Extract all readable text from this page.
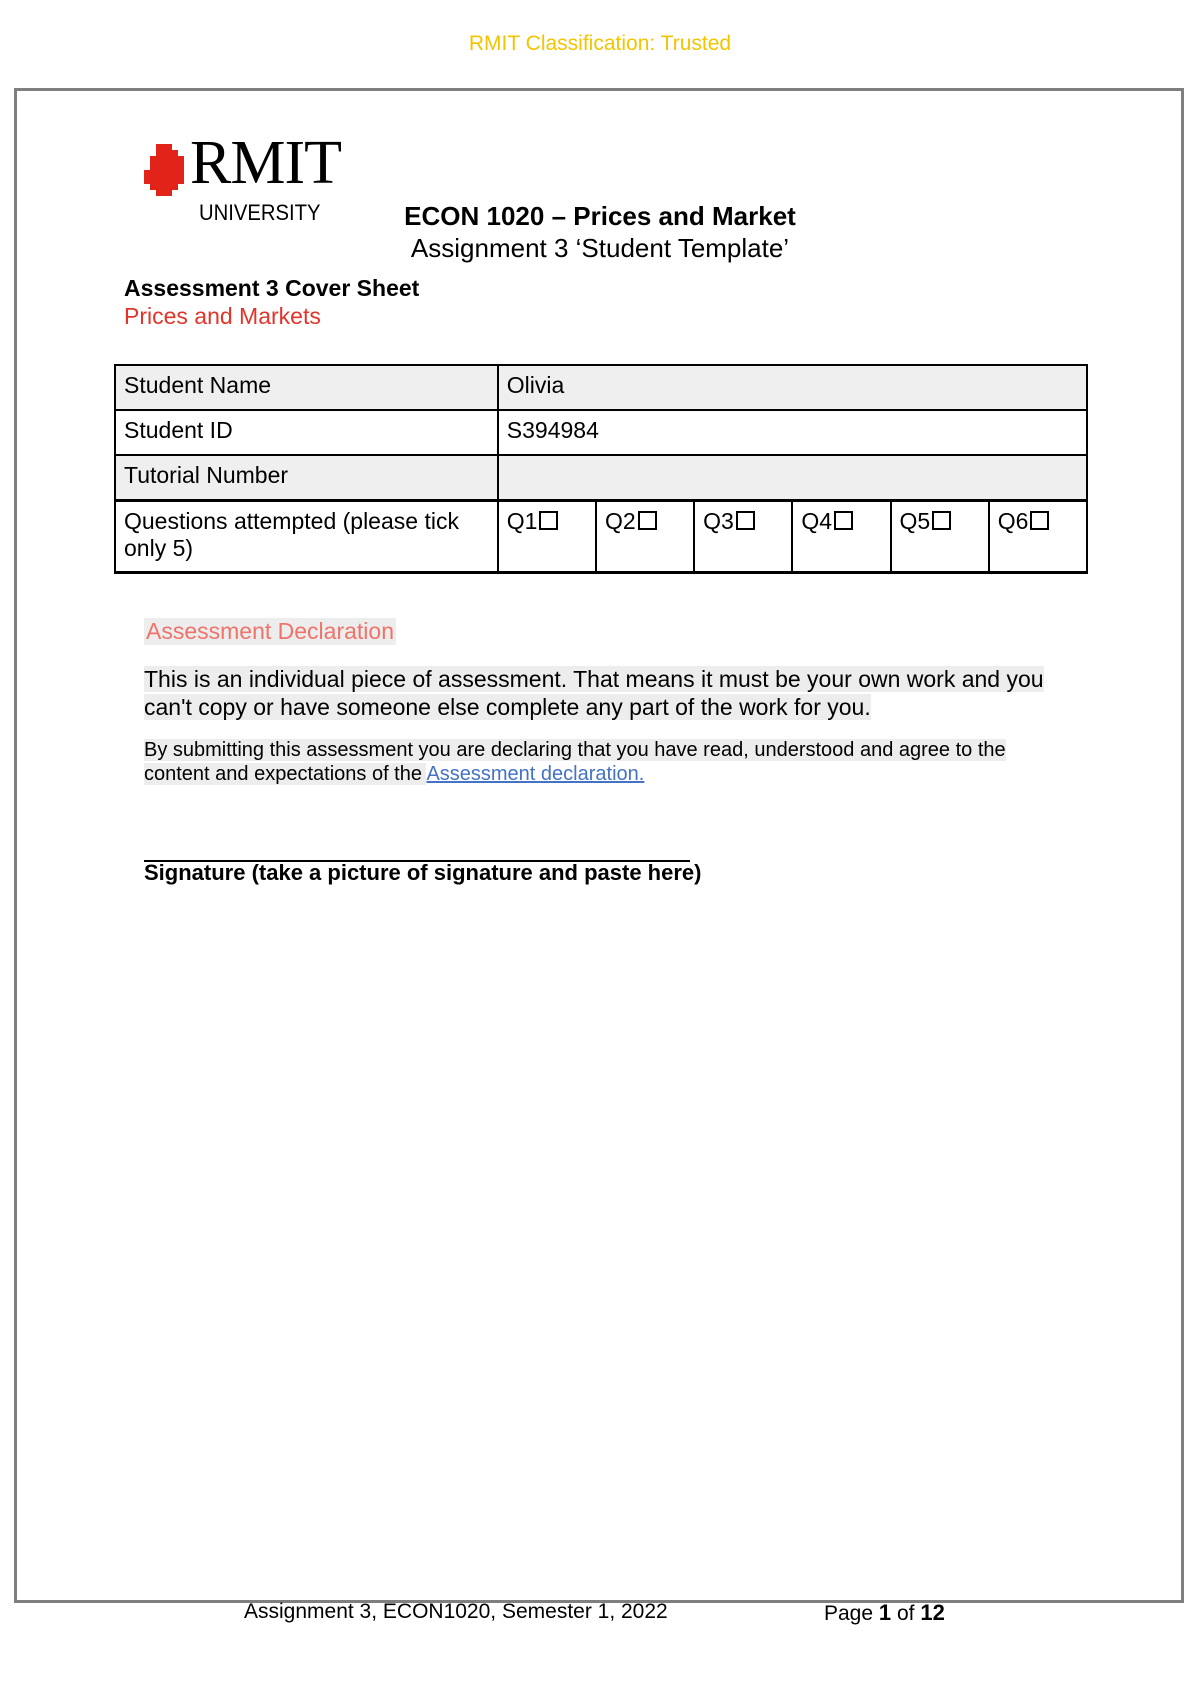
RMIT Classification: Trusted
RMIT
UNIVERSITY	ECON 1020 – Prices and Market
Assignment 3 ‘Student Template’
Assessment 3 Cover Sheet
Prices and Markets
Student Name	Olivia					
Student ID	S394984					
Tutorial Number						
Questions attempted (please tick only 5)	Q1	Q2	Q3	Q4	Q5	Q6
Assessment Declaration
This is an individual piece of assessment. That means it must be your own work and you can't copy or have someone else complete any part of the work for you.
By submitting this assessment you are declaring that you have read, understood and agree to the content and expectations of the Assessment declaration.
Signature (take a picture of signature and paste here)
Assignment 3, ECON1020, Semester 1, 2022	Page 1 of 12
